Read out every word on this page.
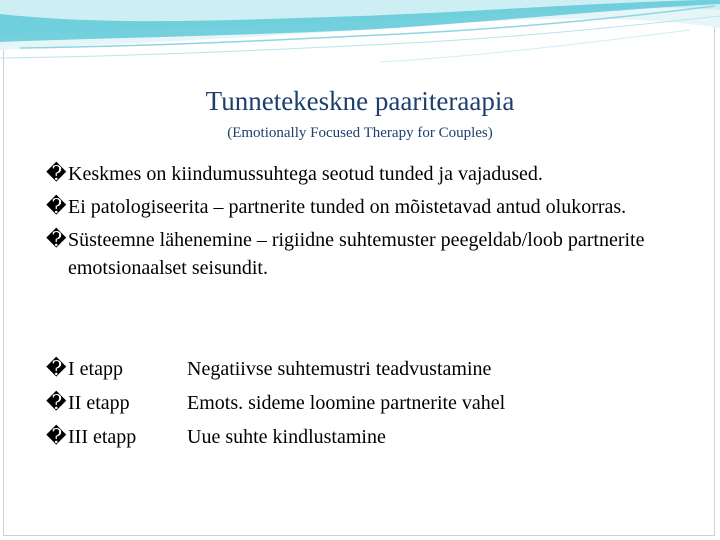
Tunnetekeskne paariteraapia
(Emotionally Focused Therapy for Couples)
� Keskmes on kiindumussuhtega seotud tunded ja vajadused.
� Ei patologiseerita – partnerite tunded on mõistetavad antud olukorras.
� Süsteemne lähenemine – rigiidne suhtemuster peegeldab/loob partnerite emotsionaalset seisundit.
� I etapp	Negatiivse suhtemustri teadvustamine
� II etapp	Emots. sideme loomine partnerite vahel
� III etapp	Uue suhte kindlustamine
